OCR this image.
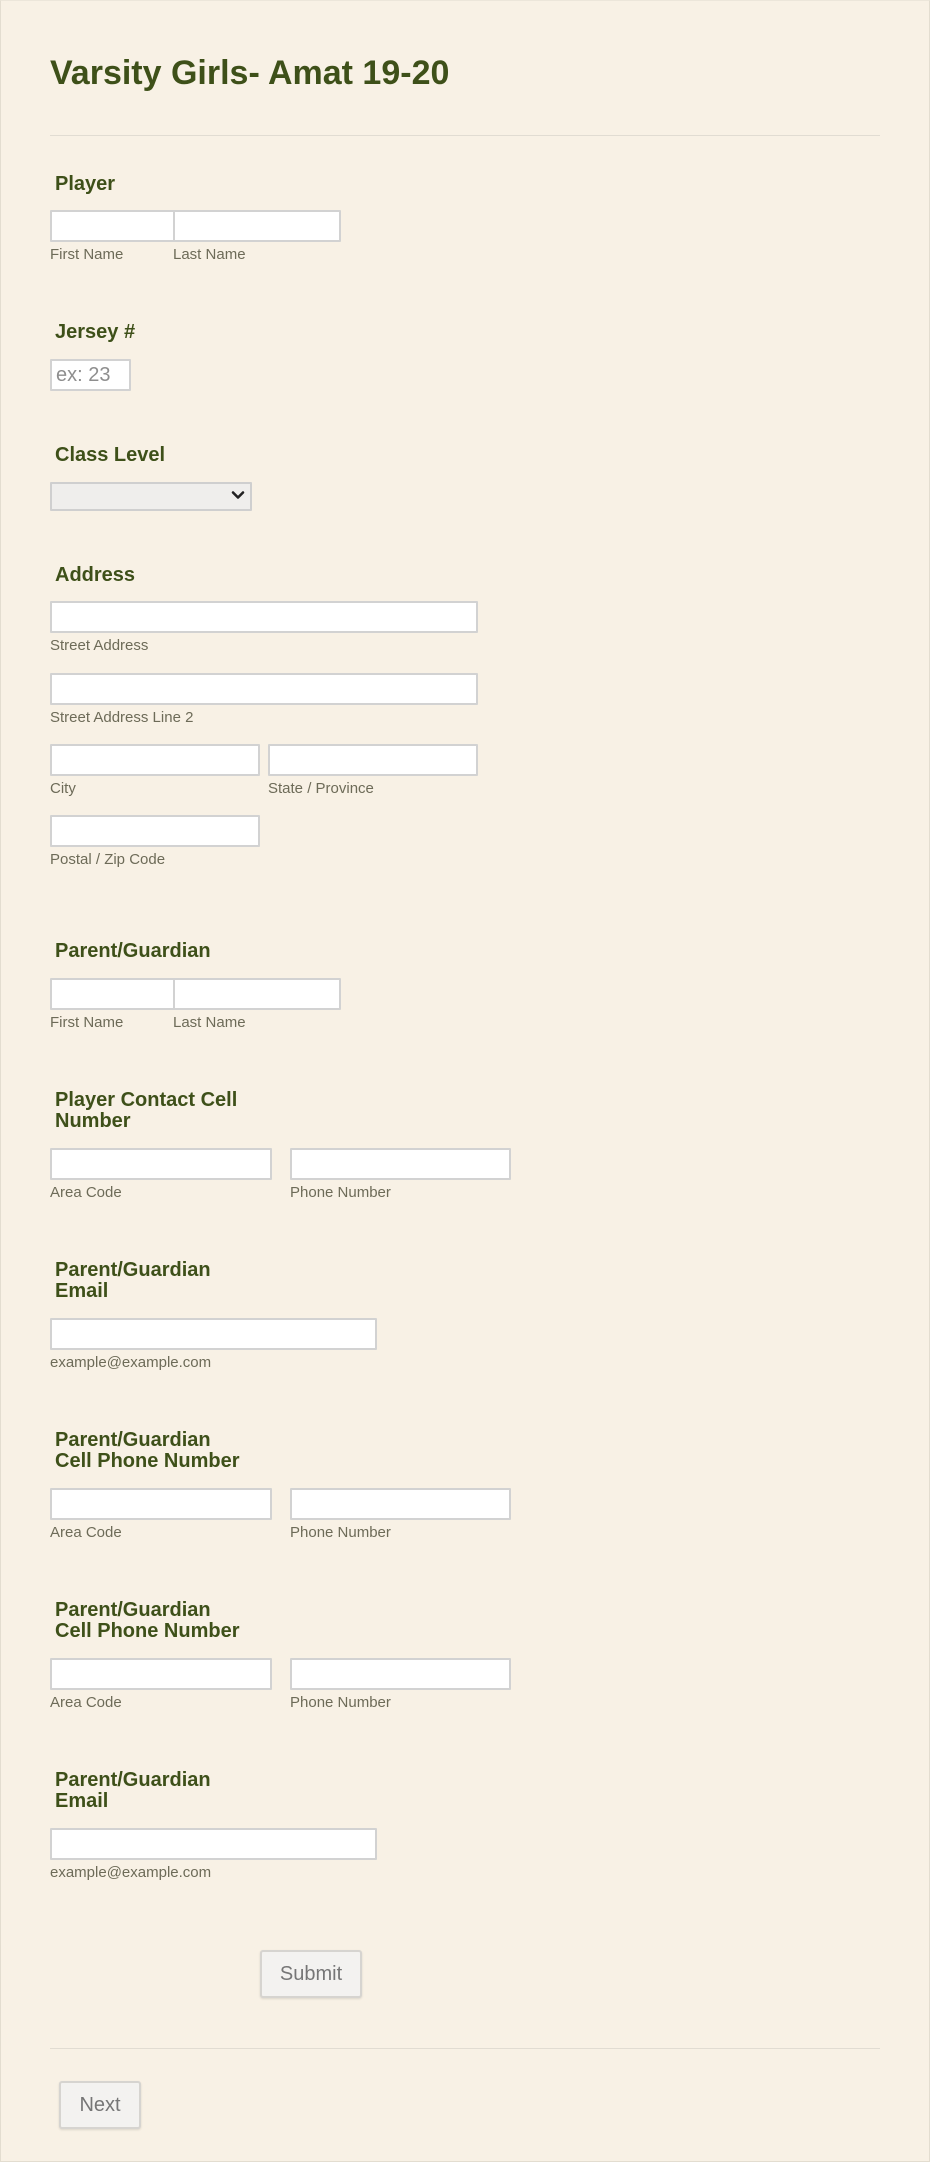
Varsity Girls- Amat 19-20
Player
First Name	Last Name
Jersey #
ex: 23
Class Level
Address
Street Address
Street Address Line 2
City	State / Province
Postal / Zip Code
Parent/Guardian
First Name	Last Name
Player Contact Cell
Number
Area Code	Phone Number
Parent/Guardian
Email
example@example.com
Parent/Guardian
Cell Phone Number
Area Code	Phone Number
Parent/Guardian
Cell Phone Number
Area Code	Phone Number
Parent/Guardian
Email
example@example.com
Submit
Next
